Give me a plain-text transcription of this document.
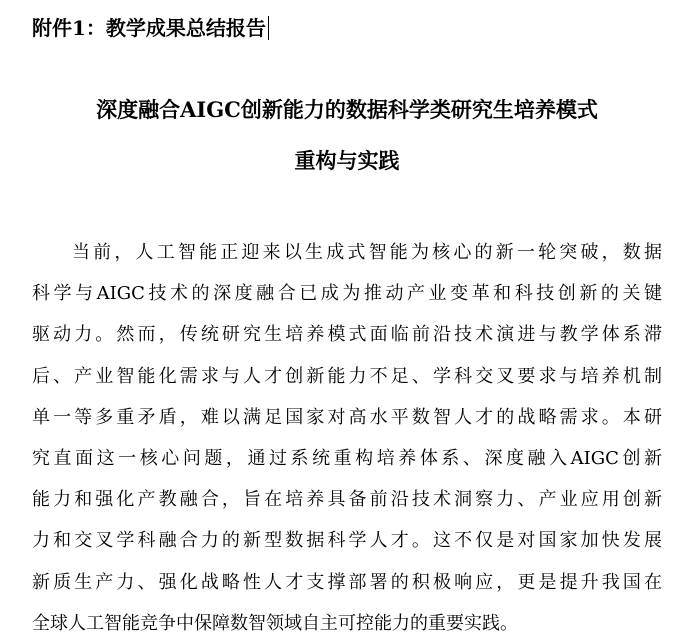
附件1：教学成果总结报告
深度融合AIGC创新能力的数据科学类研究生培养模式
重构与实践
当前，人工智能正迎来以生成式智能为核心的新一轮突破，数据
科学与AIGC技术的深度融合已成为推动产业变革和科技创新的关键
驱动力。然而，传统研究生培养模式面临前沿技术演进与教学体系滞
后、产业智能化需求与人才创新能力不足、学科交叉要求与培养机制
单一等多重矛盾，难以满足国家对高水平数智人才的战略需求。本研
究直面这一核心问题，通过系统重构培养体系、深度融入AIGC创新
能力和强化产教融合，旨在培养具备前沿技术洞察力、产业应用创新
力和交叉学科融合力的新型数据科学人才。这不仅是对国家加快发展
新质生产力、强化战略性人才支撑部署的积极响应，更是提升我国在
全球人工智能竞争中保障数智领域自主可控能力的重要实践。
